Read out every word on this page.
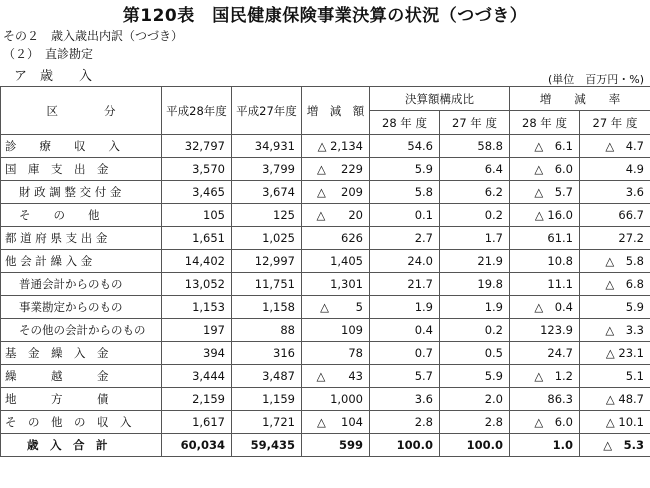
第120表　国民健康保険事業決算の状況（つづき）
その２　歳入歳出内訳（つづき）
（２）　直診勘定
ア　歳　　入	(単位　百万円・%)
区　　　　分	平成28年度	平成27年度	増　減　額	決算額構成比		増　　減　　率	
				28 年 度	27 年 度	28 年 度	27 年 度
診　　療　　収　　入	32,797	34,931	△ 2,134	54.6	58.8	△　6.1	△　4.7
国　庫　支　出　金	3,570	3,799	△　 229	5.9	6.4	△　6.0	4.9
財 政 調 整 交 付 金	3,465	3,674	△　 209	5.8	6.2	△　5.7	3.6
そ　　の　　他	105	125	△　　20	0.1	0.2	△ 16.0	66.7
都 道 府 県 支 出 金	1,651	1,025	626	2.7	1.7	61.1	27.2
他 会 計 繰 入 金	14,402	12,997	1,405	24.0	21.9	10.8	△　5.8
普通会計からのもの	13,052	11,751	1,301	21.7	19.8	11.1	△　6.8
事業勘定からのもの	1,153	1,158	△　　 5	1.9	1.9	△　0.4	5.9
その他の会計からのもの	197	88	109	0.4	0.2	123.9	△　3.3
基　金　繰　入　金	394	316	78	0.7	0.5	24.7	△ 23.1
繰　　　越　　　金	3,444	3,487	△　　43	5.7	5.9	△　1.2	5.1
地　　　方　　　債	2,159	1,159	1,000	3.6	2.0	86.3	△ 48.7
そ　の　他　の　収　入	1,617	1,721	△　 104	2.8	2.8	△　6.0	△ 10.1
歳　入　合　計	60,034	59,435	599	100.0	100.0	1.0	△　5.3
